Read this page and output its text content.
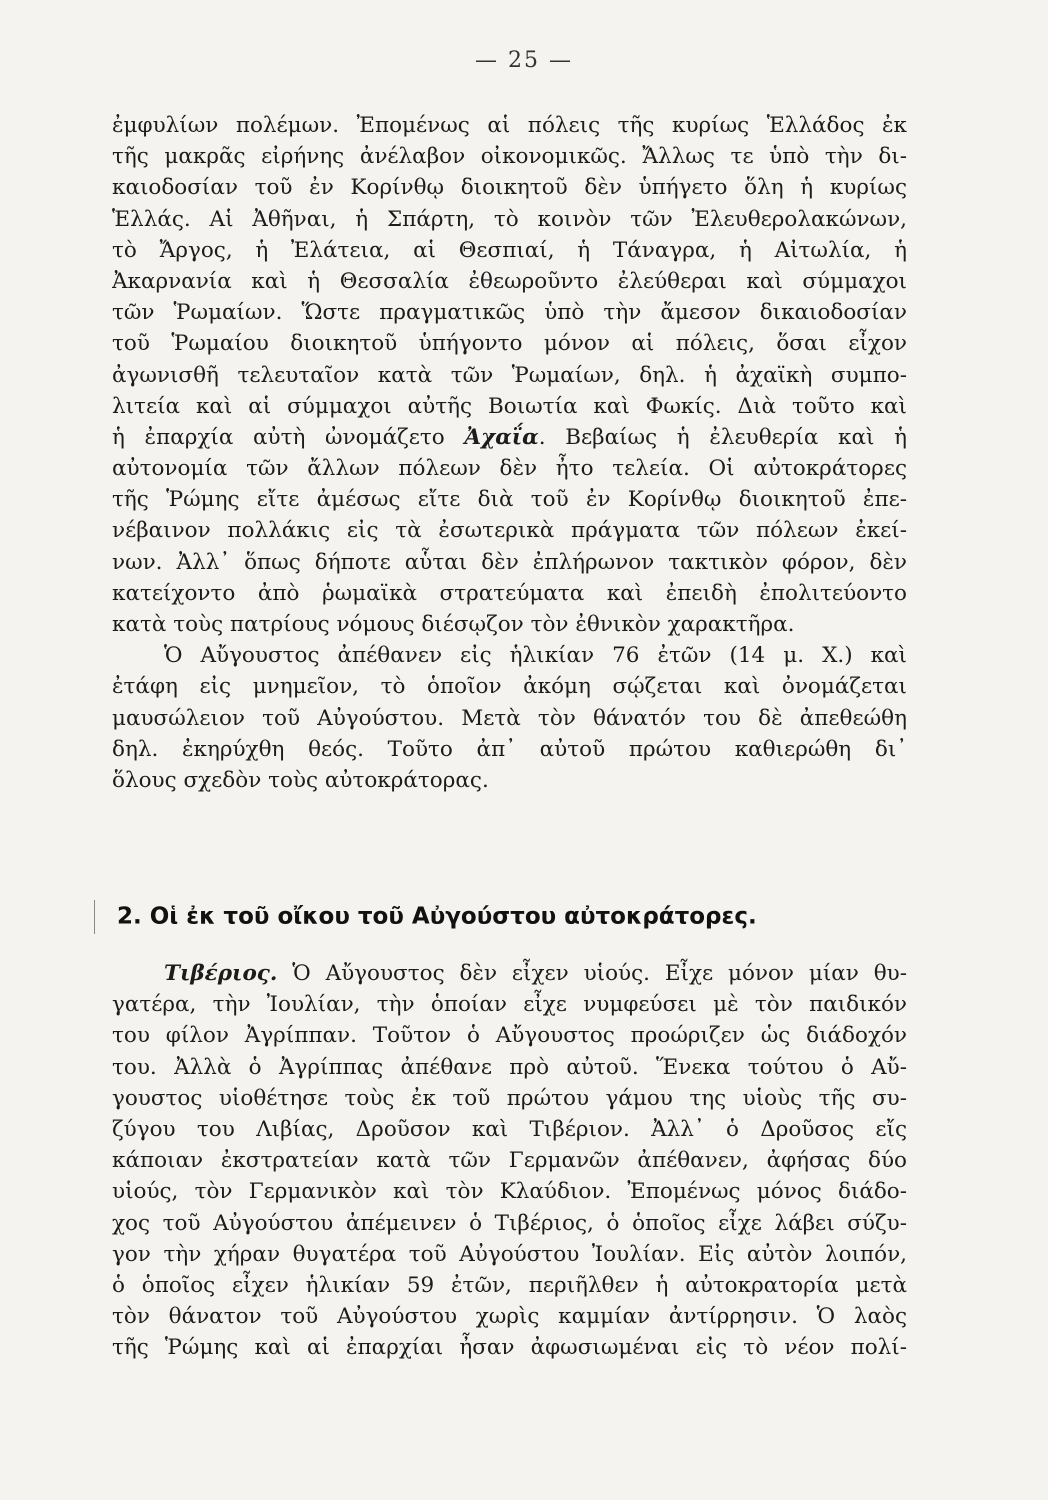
— 25 —
ἐμφυλίων πολέμων. Ἐπομένως αἱ πόλεις τῆς κυρίως Ἑλλάδος ἐκ
τῆς μακρᾶς εἰρήνης ἀνέλαβον οἰκονομικῶς. Ἄλλως τε ὑπὸ τὴν δι-
καιοδοσίαν τοῦ ἐν Κορίνθῳ διοικητοῦ δὲν ὑπήγετο ὅλη ἡ κυρίως
Ἑλλάς. Αἱ Ἀθῆναι, ἡ Σπάρτη, τὸ κοινὸν τῶν Ἐλευθερολακώνων,
τὸ Ἄργος, ἡ Ἐλάτεια, αἱ Θεσπιαί, ἡ Τάναγρα, ἡ Αἰτωλία, ἡ
Ἀκαρνανία καὶ ἡ Θεσσαλία ἐθεωροῦντο ἐλεύθεραι καὶ σύμμαχοι
τῶν Ῥωμαίων. Ὥστε πραγματικῶς ὑπὸ τὴν ἄμεσον δικαιοδοσίαν
τοῦ Ῥωμαίου διοικητοῦ ὑπήγοντο μόνον αἱ πόλεις, ὅσαι εἶχον
ἀγωνισθῆ τελευταῖον κατὰ τῶν Ῥωμαίων, δηλ. ἡ ἀχαϊκὴ συμπο-
λιτεία καὶ αἱ σύμμαχοι αὐτῆς Βοιωτία καὶ Φωκίς. Διὰ τοῦτο καὶ
ἡ ἐπαρχία αὐτὴ ὠνομάζετο Ἀχαΐα. Βεβαίως ἡ ἐλευθερία καὶ ἡ
αὐτονομία τῶν ἄλλων πόλεων δὲν ἦτο τελεία. Οἱ αὐτοκράτορες
τῆς Ῥώμης εἴτε ἀμέσως εἴτε διὰ τοῦ ἐν Κορίνθῳ διοικητοῦ ἐπε-
νέβαινον πολλάκις εἰς τὰ ἐσωτερικὰ πράγματα τῶν πόλεων ἐκεί-
νων. Ἀλλ᾽ ὅπως δήποτε αὗται δὲν ἐπλήρωνον τακτικὸν φόρον, δὲν
κατείχοντο ἀπὸ ῥωμαϊκὰ στρατεύματα καὶ ἐπειδὴ ἐπολιτεύοντο
κατὰ τοὺς πατρίους νόμους διέσῳζον τὸν ἐθνικὸν χαρακτῆρα.
Ὁ Αὔγουστος ἀπέθανεν εἰς ἡλικίαν 76 ἐτῶν (14 μ. Χ.) καὶ
ἐτάφη εἰς μνημεῖον, τὸ ὁποῖον ἀκόμη σῴζεται καὶ ὀνομάζεται
μαυσώλειον τοῦ Αὐγούστου. Μετὰ τὸν θάνατόν του δὲ ἀπεθεώθη
δηλ. ἐκηρύχθη θεός. Τοῦτο ἀπ᾽ αὐτοῦ πρώτου καθιερώθη δι᾽
ὅλους σχεδὸν τοὺς αὐτοκράτορας.
2. Οἱ ἐκ τοῦ οἴκου τοῦ Αὐγούστου αὐτοκράτορες.
Τιβέριος. Ὁ Αὔγουστος δὲν εἶχεν υἱούς. Εἶχε μόνον μίαν θυ-
γατέρα, τὴν Ἰουλίαν, τὴν ὁποίαν εἶχε νυμφεύσει μὲ τὸν παιδικόν
του φίλον Ἀγρίππαν. Τοῦτον ὁ Αὔγουστος προώριζεν ὡς διάδοχόν
του. Ἀλλὰ ὁ Ἀγρίππας ἀπέθανε πρὸ αὐτοῦ. Ἕνεκα τούτου ὁ Αὔ-
γουστος υἱοθέτησε τοὺς ἐκ τοῦ πρώτου γάμου της υἱοὺς τῆς συ-
ζύγου του Λιβίας, Δροῦσον καὶ Τιβέριον. Ἀλλ᾽ ὁ Δροῦσος εἴς
κάποιαν ἐκστρατείαν κατὰ τῶν Γερμανῶν ἀπέθανεν, ἀφήσας δύο
υἱούς, τὸν Γερμανικὸν καὶ τὸν Κλαύδιον. Ἐπομένως μόνος διάδο-
χος τοῦ Αὐγούστου ἀπέμεινεν ὁ Τιβέριος, ὁ ὁποῖος εἶχε λάβει σύζυ-
γον τὴν χήραν θυγατέρα τοῦ Αὐγούστου Ἰουλίαν. Εἰς αὐτὸν λοιπόν,
ὁ ὁποῖος εἶχεν ἡλικίαν 59 ἐτῶν, περιῆλθεν ἡ αὐτοκρατορία μετὰ
τὸν θάνατον τοῦ Αὐγούστου χωρὶς καμμίαν ἀντίρρησιν. Ὁ λαὸς
τῆς Ῥώμης καὶ αἱ ἐπαρχίαι ἦσαν ἀφωσιωμέναι εἰς τὸ νέον πολί-
